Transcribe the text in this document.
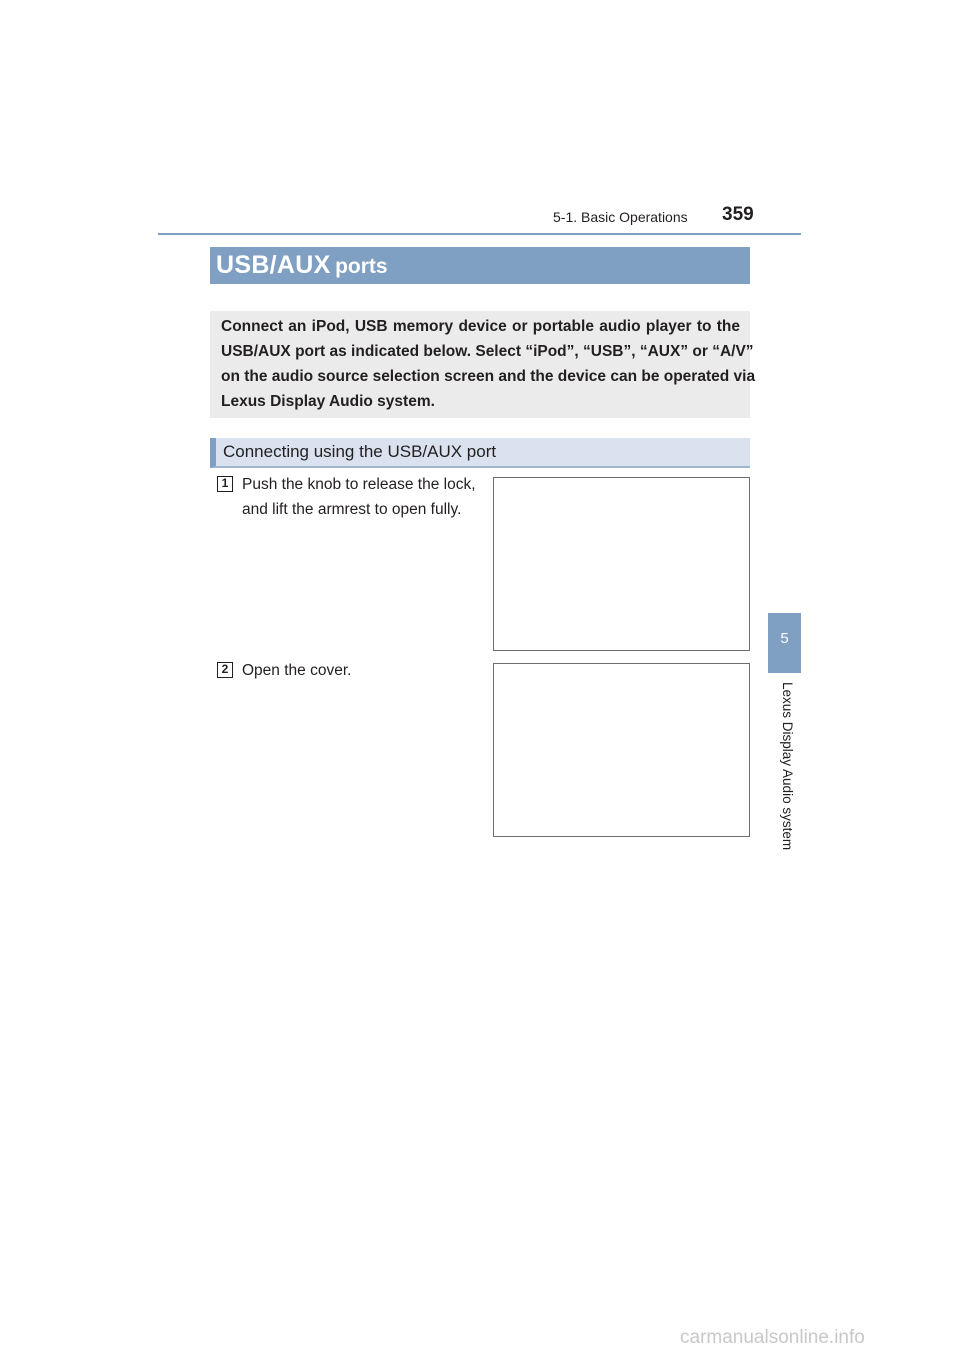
5-1. Basic Operations 359
USB/AUX ports
Connect an iPod, USB memory device or portable audio player to the
USB/AUX port as indicated below. Select “iPod”, “USB”, “AUX” or “A/V”
on the audio source selection screen and the device can be operated via
Lexus Display Audio system.
Connecting using the USB/AUX port
1 Push the knob to release the lock,
and lift the armrest to open fully.
2 Open the cover.
5
Lexus Display Audio system
carmanualsonline.info
